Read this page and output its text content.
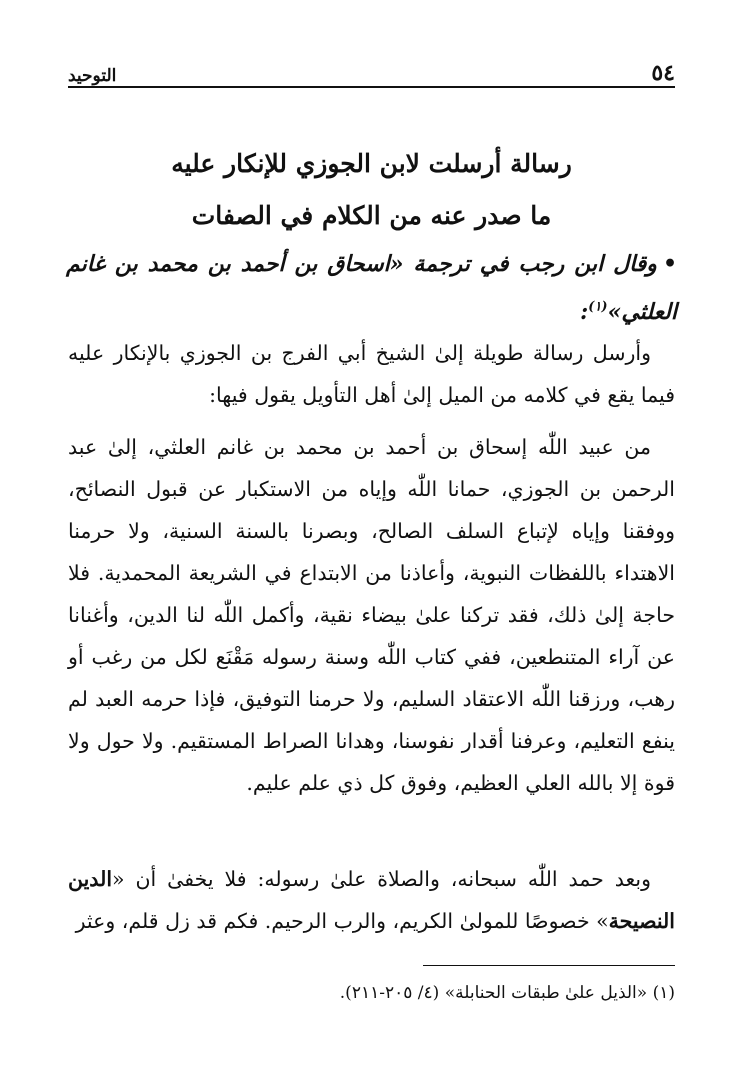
٥٤
التوحيد
رسالة أرسلت لابن الجوزي للإنكار عليه
ما صدر عنه من الكلام في الصفات
•وقال ابن رجب في ترجمة «اسحاق بن أحمد بن محمد بن غانم العلثي»$^{(١)}$:

وأرسل رسالة طويلة إلىٰ الشيخ أبي الفرج بن الجوزي بالإنكار عليه فيما يقع في كلامه من الميل إلىٰ أهل التأويل يقول فيها:

من عبيد اللّٰه إسحاق بن أحمد بن محمد بن غانم العلثي، إلىٰ عبد الرحمن بن الجوزي، حمانا اللّٰه وإياه من الاستكبار عن قبول النصائح، ووفقنا وإياه لإتباع السلف الصالح، وبصرنا بالسنة السنية، ولا حرمنا الاهتداء باللفظات النبوية، وأعاذنا من الابتداع في الشريعة المحمدية. فلا حاجة إلىٰ ذلك، فقد تركنا علىٰ بيضاء نقية، وأكمل اللّٰه لنا الدين، وأغنانا عن آراء المتنطعين، ففي كتاب اللّٰه وسنة رسوله مَقْنَع لكل من رغب أو رهب، ورزقنا اللّٰه الاعتقاد السليم، ولا حرمنا التوفيق، فإذا حرمه العبد لم ينفع التعليم، وعرفنا أقدار نفوسنا، وهدانا الصراط المستقيم. ولا حول ولا قوة إلا بالله العلي العظيم، وفوق كل ذي علم عليم.

وبعد حمد اللّٰه سبحانه، والصلاة علىٰ رسوله: فلا يخفىٰ أن «الدين النصيحة» خصوصًا للمولىٰ الكريم، والرب الرحيم. فكم قد زل قلم، وعثر

(١) «الذيل علىٰ طبقات الحنابلة» (٤/ ٢٠٥-٢١١).
